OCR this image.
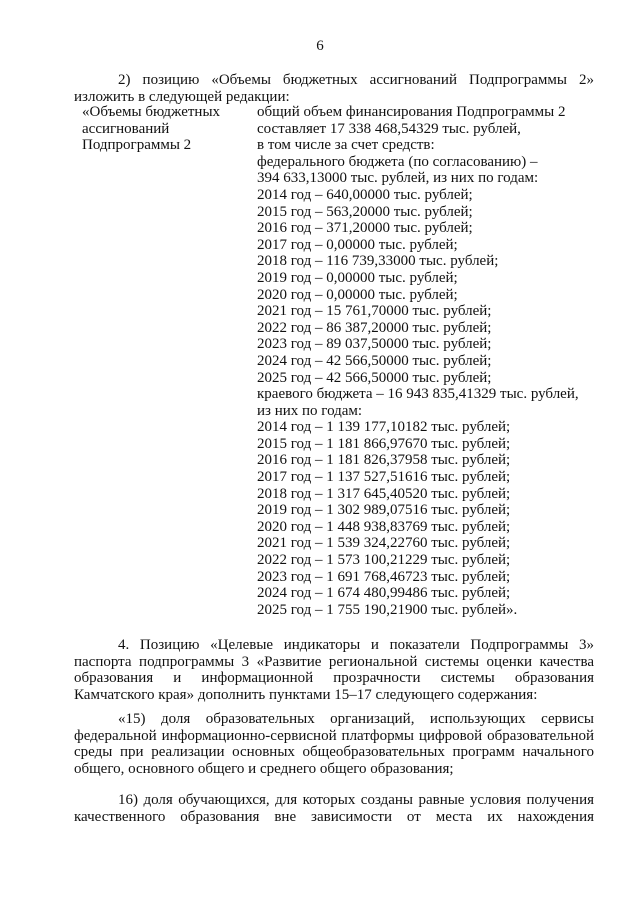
6
2) позицию «Объемы бюджетных ассигнований Подпрограммы 2»
изложить в следующей редакции:
«Объемы бюджетных
ассигнований
Подпрограммы 2
общий объем финансирования Подпрограммы 2
составляет 17 338 468,54329 тыс. рублей,
в том числе за счет средств:
федерального бюджета (по согласованию) –
394 633,13000 тыс. рублей, из них по годам:
2014 год – 640,00000 тыс. рублей;
2015 год – 563,20000 тыс. рублей;
2016 год – 371,20000 тыс. рублей;
2017 год – 0,00000 тыс. рублей;
2018 год – 116 739,33000 тыс. рублей;
2019 год – 0,00000 тыс. рублей;
2020 год – 0,00000 тыс. рублей;
2021 год – 15 761,70000 тыс. рублей;
2022 год – 86 387,20000 тыс. рублей;
2023 год – 89 037,50000 тыс. рублей;
2024 год – 42 566,50000 тыс. рублей;
2025 год – 42 566,50000 тыс. рублей;
краевого бюджета – 16 943 835,41329 тыс. рублей,
из них по годам:
2014 год – 1 139 177,10182 тыс. рублей;
2015 год – 1 181 866,97670 тыс. рублей;
2016 год – 1 181 826,37958 тыс. рублей;
2017 год – 1 137 527,51616 тыс. рублей;
2018 год – 1 317 645,40520 тыс. рублей;
2019 год – 1 302 989,07516 тыс. рублей;
2020 год – 1 448 938,83769 тыс. рублей;
2021 год – 1 539 324,22760 тыс. рублей;
2022 год – 1 573 100,21229 тыс. рублей;
2023 год – 1 691 768,46723 тыс. рублей;
2024 год – 1 674 480,99486 тыс. рублей;
2025 год – 1 755 190,21900 тыс. рублей».
4. Позицию «Целевые индикаторы и показатели Подпрограммы 3»
паспорта подпрограммы 3 «Развитие региональной системы оценки качества
образования и информационной прозрачности системы образования
Камчатского края» дополнить пунктами 15–17 следующего содержания:
«15) доля образовательных организаций, использующих сервисы
федеральной информационно-сервисной платформы цифровой образовательной
среды при реализации основных общеобразовательных программ начального
общего, основного общего и среднего общего образования;
16) доля обучающихся, для которых созданы равные условия получения
качественного образования вне зависимости от места их нахождения
